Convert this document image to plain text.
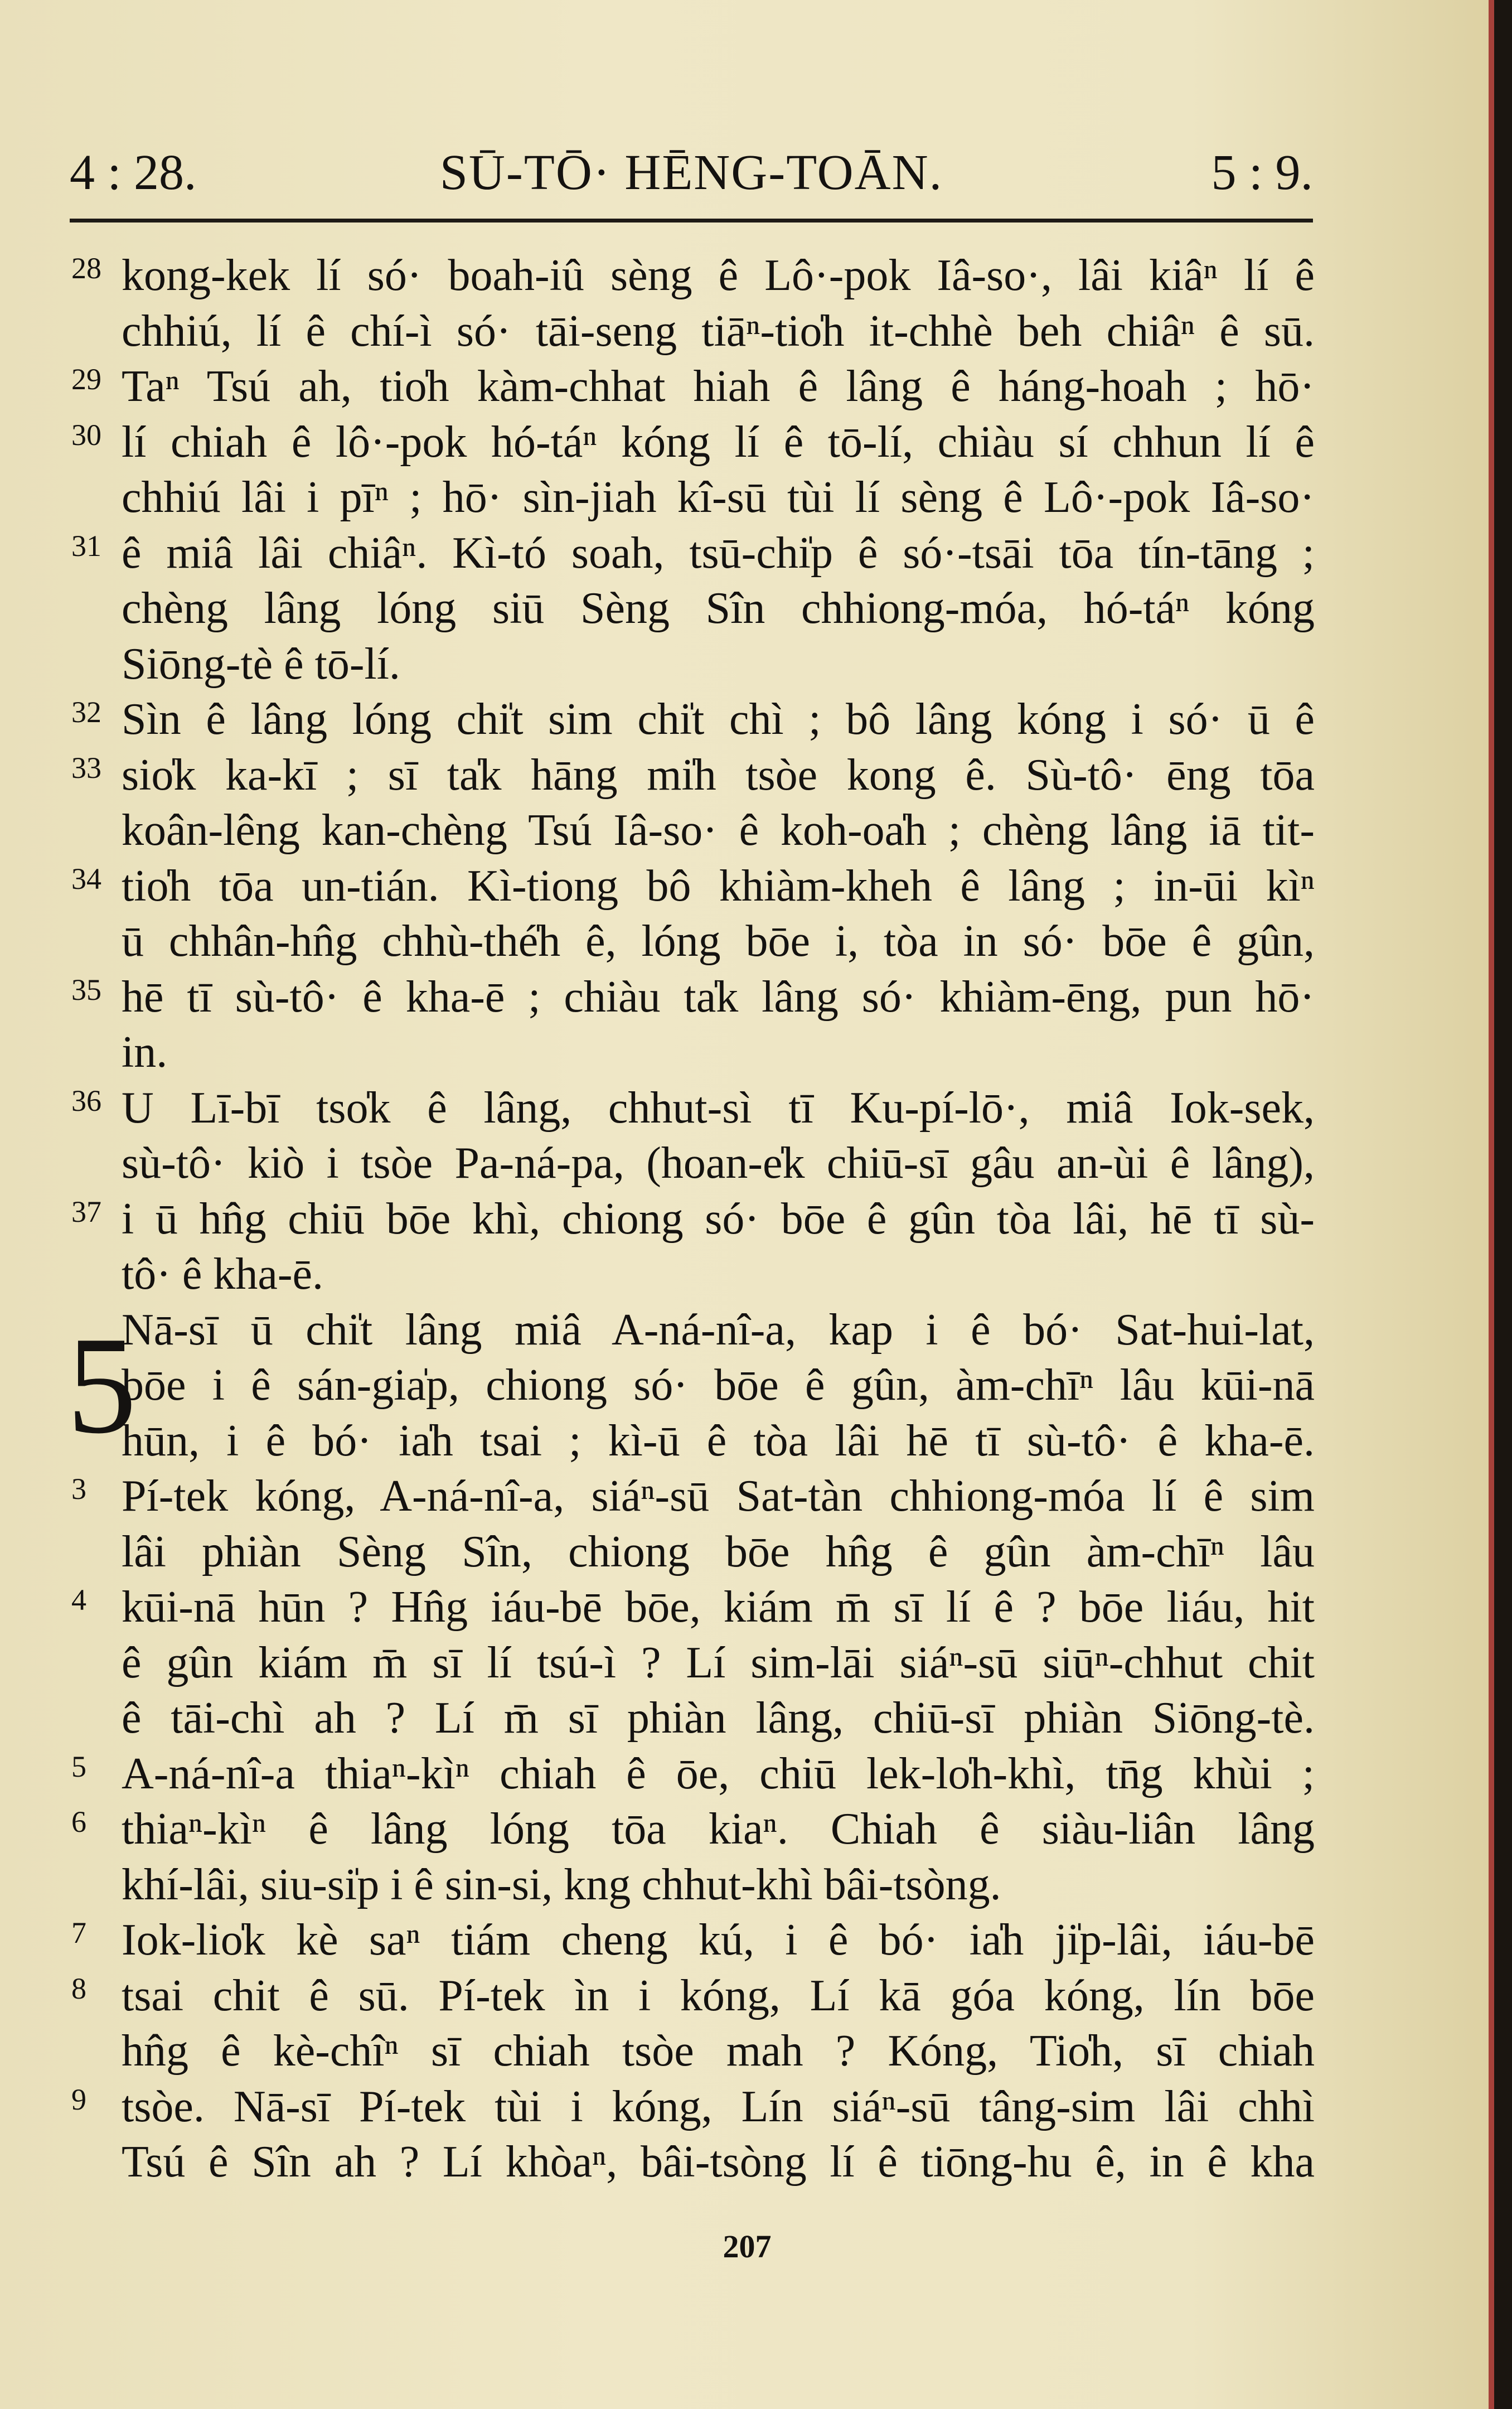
4 : 28.	SŪ-TŌ· HĒNG-TOĀN.	5 : 9.
5
28 kong-kek lí só· boah-iû sèng ê Lô·-pok Iâ-so·, lâi kiâⁿ lí ê
chhiú, lí ê chí-ì só· tāi-seng tiāⁿ-tio̍h it-chhè beh chiâⁿ ê sū.
29 Taⁿ Tsú ah, tio̍h kàm-chhat hiah ê lâng ê háng-hoah ; hō·
30 lí chiah ê lô·-pok hó-táⁿ kóng lí ê tō-lí, chiàu sí chhun lí ê
chhiú lâi i pīⁿ ; hō· sìn-jiah kî-sū tùi lí sèng ê Lô·-pok Iâ-so·
31 ê miâ lâi chiâⁿ. Kì-tó soah, tsū-chi̍p ê só·-tsāi tōa tín-tāng ;
chèng lâng lóng siū Sèng Sîn chhiong-móa, hó-táⁿ kóng
Siōng-tè ê tō-lí.
32 Sìn ê lâng lóng chi̍t sim chi̍t chì ; bô lâng kóng i só· ū ê
33 sio̍k ka-kī ; sī ta̍k hāng mi̍h tsòe kong ê. Sù-tô· ēng tōa
koân-lêng kan-chèng Tsú Iâ-so· ê koh-oa̍h ; chèng lâng iā tit-
34 tio̍h tōa un-tián. Kì-tiong bô khiàm-kheh ê lâng ; in-ūi kìⁿ
ū chhân-hn̂g chhù-thé̍h ê, lóng bōe i, tòa in só· bōe ê gûn,
35 hē tī sù-tô· ê kha-ē ; chiàu ta̍k lâng só· khiàm-ēng, pun hō·
in.
36 U Lī-bī tso̍k ê lâng, chhut-sì tī Ku-pí-lō·, miâ Iok-sek,
sù-tô· kiò i tsòe Pa-ná-pa, (hoan-e̍k chiū-sī gâu an-ùi ê lâng),
37 i ū hn̂g chiū bōe khì, chiong só· bōe ê gûn tòa lâi, hē tī sù-
tô· ê kha-ē.
Nā-sī ū chi̍t lâng miâ A-ná-nî-a, kap i ê bó· Sat-hui-lat,
bōe i ê sán-gia̍p, chiong só· bōe ê gûn, àm-chīⁿ lâu kūi-nā
hūn, i ê bó· ia̍h tsai ; kì-ū ê tòa lâi hē tī sù-tô· ê kha-ē.
3 Pí-tek kóng, A-ná-nî-a, siáⁿ-sū Sat-tàn chhiong-móa lí ê sim
lâi phiàn Sèng Sîn, chiong bōe hn̂g ê gûn àm-chīⁿ lâu
4 kūi-nā hūn ? Hn̂g iáu-bē bōe, kiám m̄ sī lí ê ? bōe liáu, hit
ê gûn kiám m̄ sī lí tsú-ì ? Lí sim-lāi siáⁿ-sū siūⁿ-chhut chit
ê tāi-chì ah ? Lí m̄ sī phiàn lâng, chiū-sī phiàn Siōng-tè.
5 A-ná-nî-a thiaⁿ-kìⁿ chiah ê ōe, chiū lek-lo̍h-khì, tn̄g khùi ;
6 thiaⁿ-kìⁿ ê lâng lóng tōa kiaⁿ. Chiah ê siàu-liân lâng
khí-lâi, siu-si̍p i ê sin-si, kng chhut-khì bâi-tsòng.
7 Iok-lio̍k kè saⁿ tiám cheng kú, i ê bó· ia̍h ji̍p-lâi, iáu-bē
8 tsai chit ê sū. Pí-tek ìn i kóng, Lí kā góa kóng, lín bōe
hn̂g ê kè-chîⁿ sī chiah tsòe mah ? Kóng, Tio̍h, sī chiah
9 tsòe. Nā-sī Pí-tek tùi i kóng, Lín siáⁿ-sū tâng-sim lâi chhì
Tsú ê Sîn ah ? Lí khòaⁿ, bâi-tsòng lí ê tiōng-hu ê, in ê kha
207
